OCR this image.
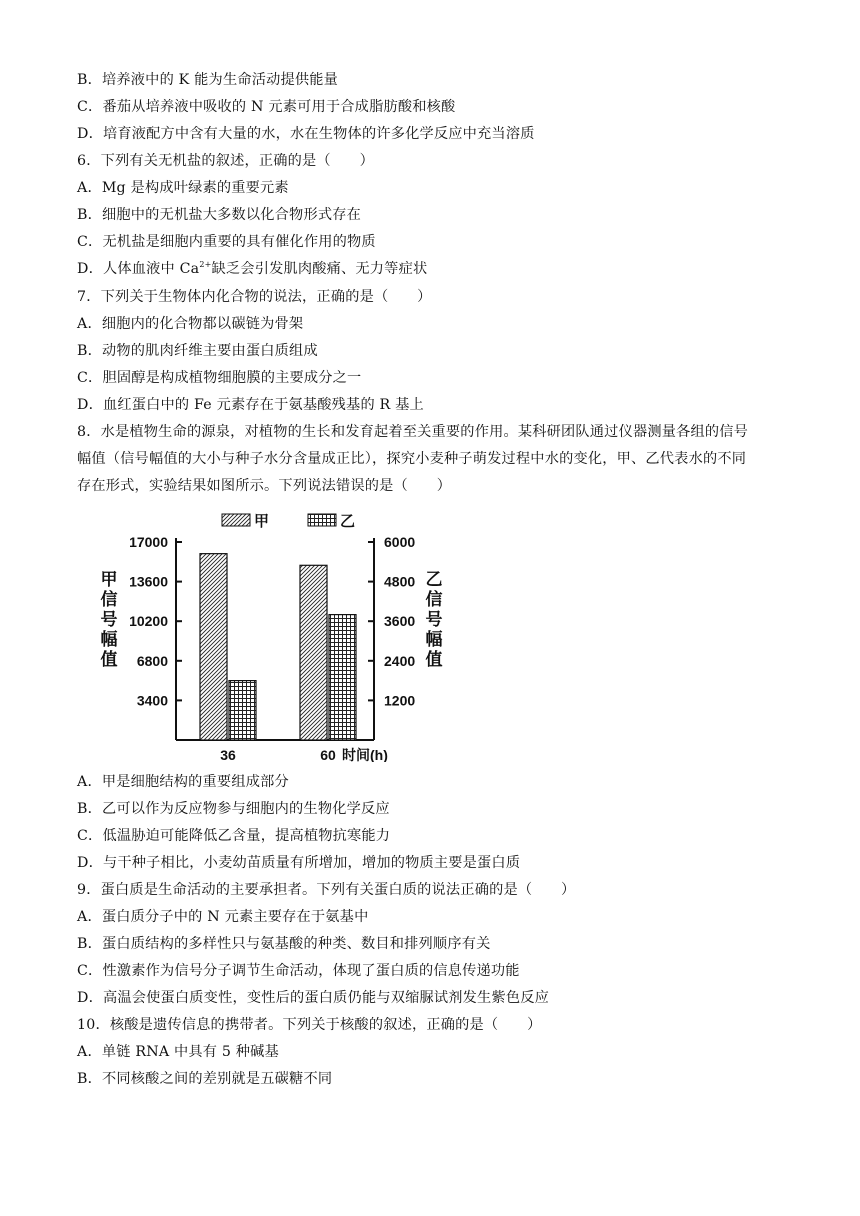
B．培养液中的 K 能为生命活动提供能量
C．番茄从培养液中吸收的 N 元素可用于合成脂肪酸和核酸
D．培育液配方中含有大量的水，水在生物体的许多化学反应中充当溶质
6．下列有关无机盐的叙述，正确的是（　　）
A．Mg 是构成叶绿素的重要元素
B．细胞中的无机盐大多数以化合物形式存在
C．无机盐是细胞内重要的具有催化作用的物质
D．人体血液中 $Ca^{2+}$缺乏会引发肌肉酸痛、无力等症状
7．下列关于生物体内化合物的说法，正确的是（　　）
A．细胞内的化合物都以碳链为骨架
B．动物的肌肉纤维主要由蛋白质组成
C．胆固醇是构成植物细胞膜的主要成分之一
D．血红蛋白中的 Fe 元素存在于氨基酸残基的 R 基上
8．水是植物生命的源泉，对植物的生长和发育起着至关重要的作用。某科研团队通过仪器测量各组的信号
幅值（信号幅值的大小与种子水分含量成正比），探究小麦种子萌发过程中水的变化，甲、乙代表水的不同
存在形式，实验结果如图所示。下列说法错误的是（　　）
甲	乙
3400
6800
10200
13600
17000
1200
2400
3600
4800
6000
36	60 时间(h)
甲信号幅值
乙信号幅值
A．甲是细胞结构的重要组成部分
B．乙可以作为反应物参与细胞内的生物化学反应
C．低温胁迫可能降低乙含量，提高植物抗寒能力
D．与干种子相比，小麦幼苗质量有所增加，增加的物质主要是蛋白质
9．蛋白质是生命活动的主要承担者。下列有关蛋白质的说法正确的是（　　）
A．蛋白质分子中的 N 元素主要存在于氨基中
B．蛋白质结构的多样性只与氨基酸的种类、数目和排列顺序有关
C．性激素作为信号分子调节生命活动，体现了蛋白质的信息传递功能
D．高温会使蛋白质变性，变性后的蛋白质仍能与双缩脲试剂发生紫色反应
10．核酸是遗传信息的携带者。下列关于核酸的叙述，正确的是（　　）
A．单链 RNA 中具有 5 种碱基
B．不同核酸之间的差别就是五碳糖不同
